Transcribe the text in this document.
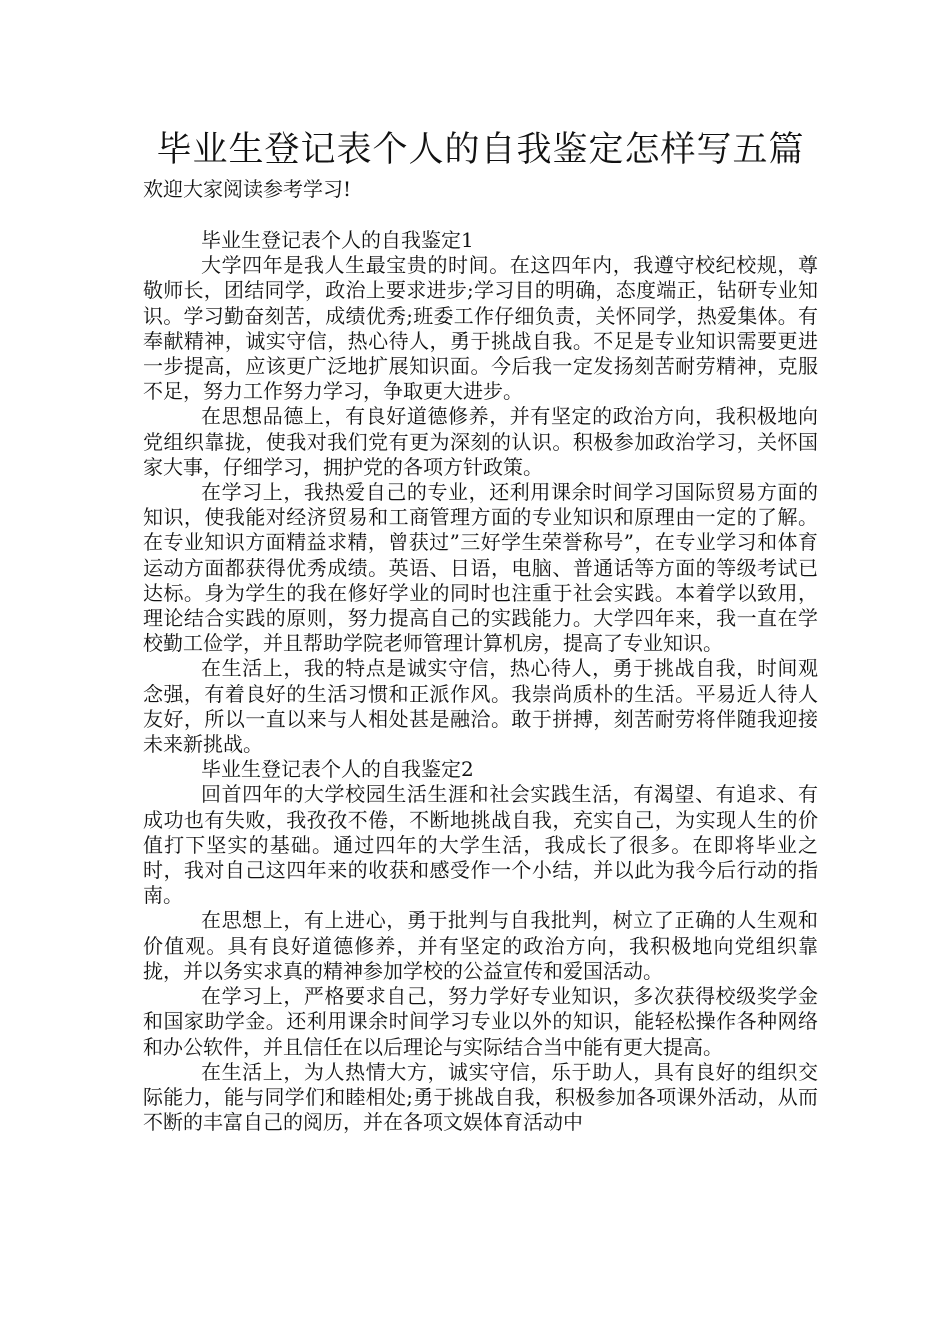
毕业生登记表个人的自我鉴定怎样写五篇
欢迎大家阅读参考学习!
毕业生登记表个人的自我鉴定1

大学四年是我人生最宝贵的时间。在这四年内，我遵守校纪校规，尊敬师长，团结同学，政治上要求进步;学习目的明确，态度端正，钻研专业知识。学习勤奋刻苦，成绩优秀;班委工作仔细负责，关怀同学，热爱集体。有奉献精神，诚实守信，热心待人，勇于挑战自我。不足是专业知识需要更进一步提高，应该更广泛地扩展知识面。今后我一定发扬刻苦耐劳精神，克服不足，努力工作努力学习，争取更大进步。

在思想品德上，有良好道德修养，并有坚定的政治方向，我积极地向党组织靠拢，使我对我们党有更为深刻的认识。积极参加政治学习，关怀国家大事，仔细学习，拥护党的各项方针政策。

在学习上，我热爱自己的专业，还利用课余时间学习国际贸易方面的知识，使我能对经济贸易和工商管理方面的专业知识和原理由一定的了解。在专业知识方面精益求精，曾获过”三好学生荣誉称号”，在专业学习和体育运动方面都获得优秀成绩。英语、日语，电脑、普通话等方面的等级考试已达标。身为学生的我在修好学业的同时也注重于社会实践。本着学以致用，理论结合实践的原则，努力提高自己的实践能力。大学四年来，我一直在学校勤工俭学，并且帮助学院老师管理计算机房，提高了专业知识。

在生活上，我的特点是诚实守信，热心待人，勇于挑战自我，时间观念强，有着良好的生活习惯和正派作风。我崇尚质朴的生活。平易近人待人友好，所以一直以来与人相处甚是融洽。敢于拼搏，刻苦耐劳将伴随我迎接未来新挑战。

毕业生登记表个人的自我鉴定2

回首四年的大学校园生活生涯和社会实践生活，有渴望、有追求、有成功也有失败，我孜孜不倦，不断地挑战自我，充实自己，为实现人生的价值打下坚实的基础。通过四年的大学生活，我成长了很多。在即将毕业之时，我对自己这四年来的收获和感受作一个小结，并以此为我今后行动的指南。

在思想上，有上进心，勇于批判与自我批判，树立了正确的人生观和价值观。具有良好道德修养，并有坚定的政治方向，我积极地向党组织靠拢，并以务实求真的精神参加学校的公益宣传和爱国活动。

在学习上，严格要求自己，努力学好专业知识，多次获得校级奖学金和国家助学金。还利用课余时间学习专业以外的知识，能轻松操作各种网络和办公软件，并且信任在以后理论与实际结合当中能有更大提高。

在生活上，为人热情大方，诚实守信，乐于助人，具有良好的组织交际能力，能与同学们和睦相处;勇于挑战自我，积极参加各项课外活动，从而不断的丰富自己的阅历，并在各项文娱体育活动中
